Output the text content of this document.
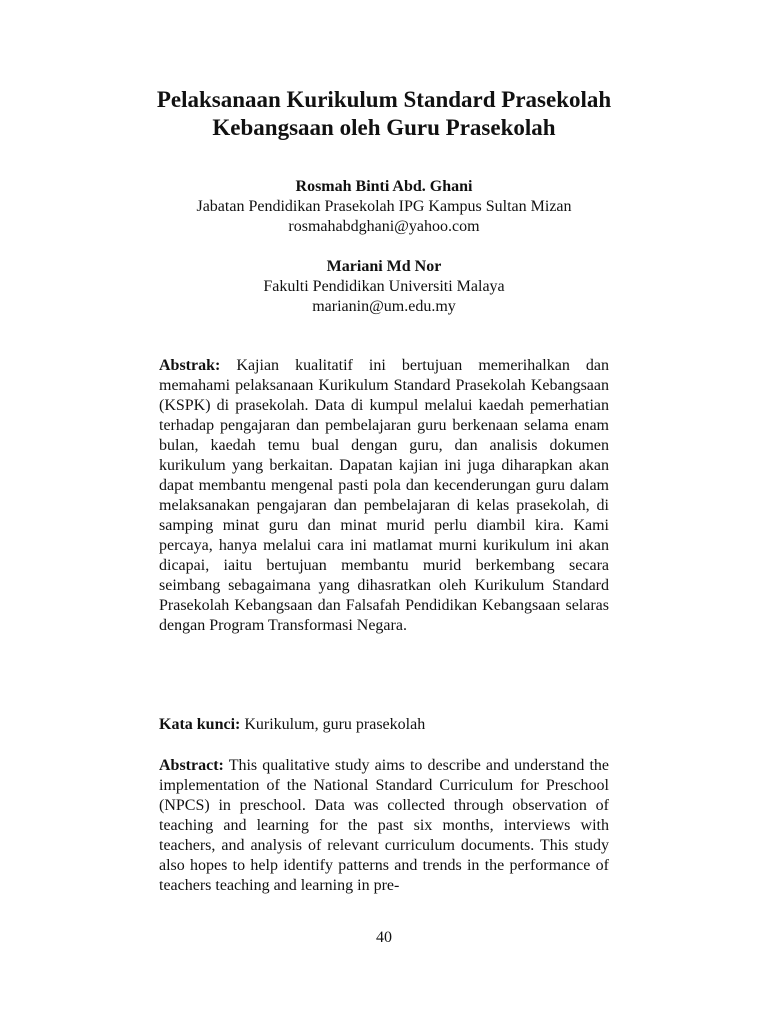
Pelaksanaan Kurikulum Standard Prasekolah
Kebangsaan oleh Guru Prasekolah
Rosmah Binti Abd. Ghani
Jabatan Pendidikan Prasekolah IPG Kampus Sultan Mizan
rosmahabdghani@yahoo.com
Mariani Md Nor
Fakulti Pendidikan Universiti Malaya
marianin@um.edu.my

Abstrak: Kajian kualitatif ini bertujuan memerihalkan dan memahami pelaksanaan Kurikulum Standard Prasekolah Kebangsaan (KSPK) di prasekolah. Data di kumpul melalui kaedah pemerhatian terhadap pengajaran dan pembelajaran guru berkenaan selama enam bulan, kaedah temu bual dengan guru, dan analisis dokumen kurikulum yang berkaitan. Dapatan kajian ini juga diharapkan akan dapat membantu mengenal pasti pola dan kecenderungan guru dalam melaksanakan pengajaran dan pembelajaran di kelas prasekolah, di samping minat guru dan minat murid perlu diambil kira. Kami percaya, hanya melalui cara ini matlamat murni kurikulum ini akan dicapai, iaitu bertujuan membantu murid berkembang secara seimbang sebagaimana yang dihasratkan oleh Kurikulum Standard Prasekolah Kebangsaan dan Falsafah Pendidikan Kebangsaan selaras dengan Program Transformasi Negara.

Kata kunci: Kurikulum, guru prasekolah

Abstract: This qualitative study aims to describe and understand the implementation of the National Standard Curriculum for Preschool (NPCS) in preschool. Data was collected through observation of teaching and learning for the past six months, interviews with teachers, and analysis of relevant curriculum documents. This study also hopes to help identify patterns and trends in the performance of teachers teaching and learning in pre-

40
